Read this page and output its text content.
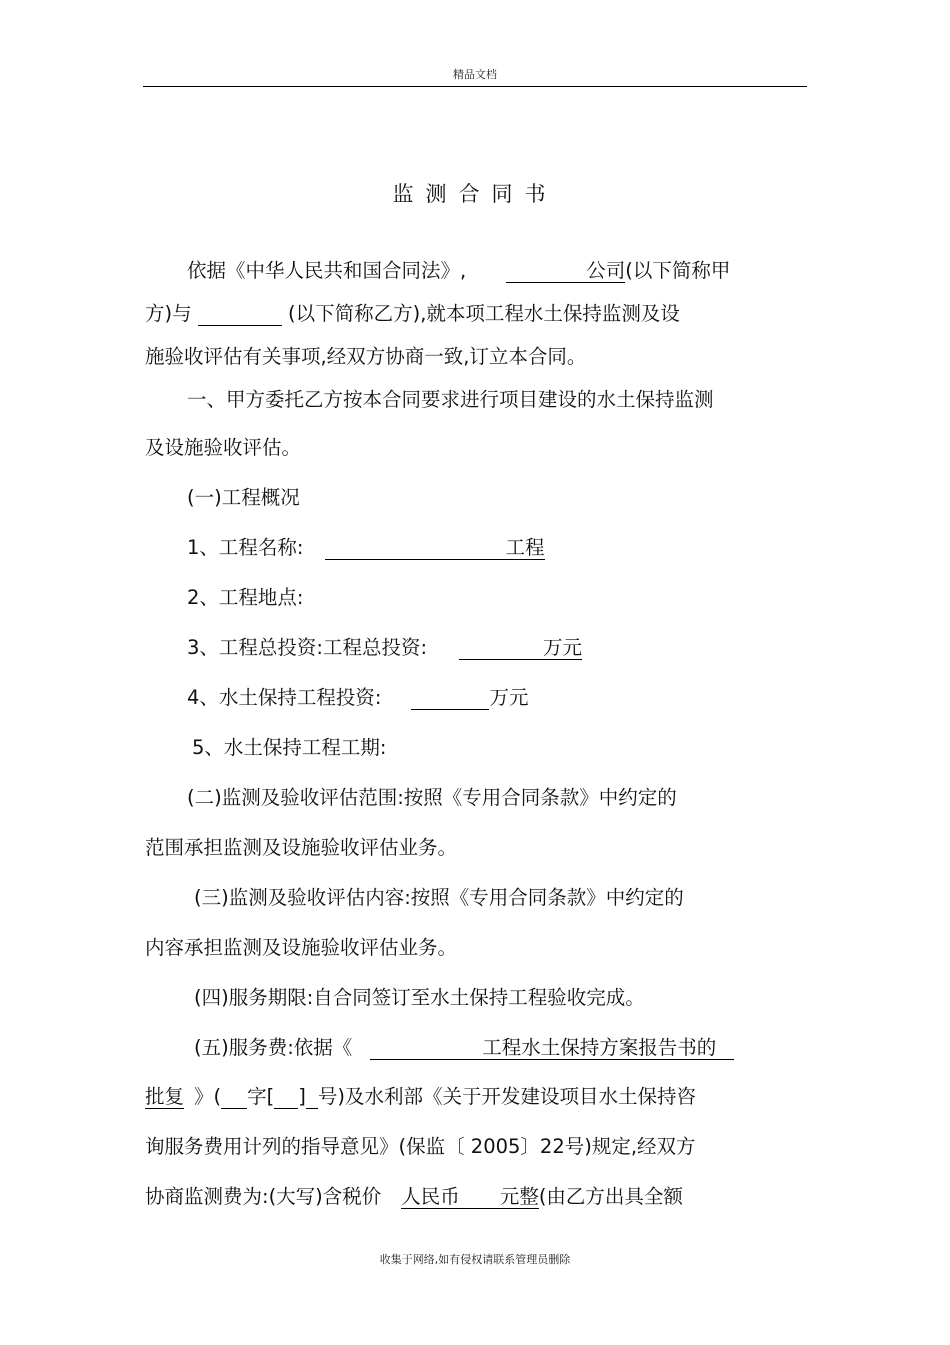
精品文档
监测合同书
依据《中华人民共和国合同法》,	公司(以下简称甲
方)与	(以下简称乙方),就本项工程水土保持监测及设
施验收评估有关事项,经双方协商一致,订立本合同。
一、甲方委托乙方按本合同要求进行项目建设的水土保持监测
及设施验收评估。
(一)工程概况
1、工程名称:	工程
2、工程地点:
3、工程总投资:工程总投资:	万元
4、水土保持工程投资:	万元
5、水土保持工程工期:
(二)监测及验收评估范围:按照《专用合同条款》中约定的
范围承担监测及设施验收评估业务。
(三)监测及验收评估内容:按照《专用合同条款》中约定的
内容承担监测及设施验收评估业务。
(四)服务期限:自合同签订至水土保持工程验收完成。
(五)服务费:依据《	工程水土保持方案报告书的
批复 》( 字[ ] 号)及水利部《关于开发建设项目水土保持咨
询服务费用计列的指导意见》(保监〔 2005〕22号)规定,经双方
协商监测费为:(大写)含税价 人民币 元整(由乙方出具全额
收集于网络,如有侵权请联系管理员删除
